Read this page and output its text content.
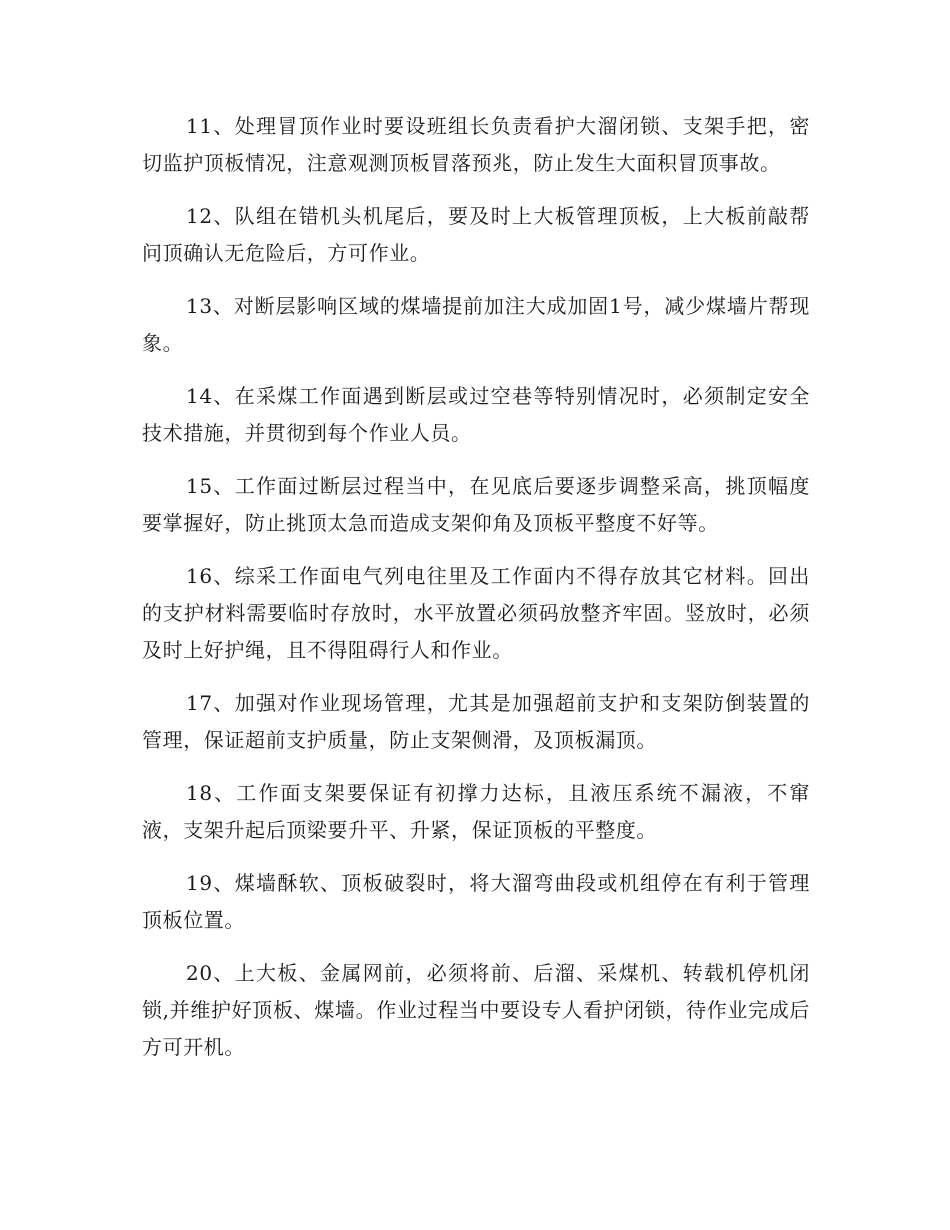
11、处理冒顶作业时要设班组长负责看护大溜闭锁、支架手把，密切监护顶板情况，注意观测顶板冒落预兆，防止发生大面积冒顶事故。

12、队组在错机头机尾后，要及时上大板管理顶板，上大板前敲帮问顶确认无危险后，方可作业。

13、对断层影响区域的煤墙提前加注大成加固1号，减少煤墙片帮现象。

14、在采煤工作面遇到断层或过空巷等特别情况时，必须制定安全技术措施，并贯彻到每个作业人员。

15、工作面过断层过程当中，在见底后要逐步调整采高，挑顶幅度要掌握好，防止挑顶太急而造成支架仰角及顶板平整度不好等。

16、综采工作面电气列电往里及工作面内不得存放其它材料。回出的支护材料需要临时存放时，水平放置必须码放整齐牢固。竖放时，必须及时上好护绳，且不得阻碍行人和作业。

17、加强对作业现场管理，尤其是加强超前支护和支架防倒装置的管理，保证超前支护质量，防止支架侧滑，及顶板漏顶。

18、工作面支架要保证有初撑力达标，且液压系统不漏液，不窜液，支架升起后顶梁要升平、升紧，保证顶板的平整度。

19、煤墙酥软、顶板破裂时，将大溜弯曲段或机组停在有利于管理顶板位置。

20、上大板、金属网前，必须将前、后溜、采煤机、转载机停机闭锁,并维护好顶板、煤墙。作业过程当中要设专人看护闭锁，待作业完成后方可开机。
